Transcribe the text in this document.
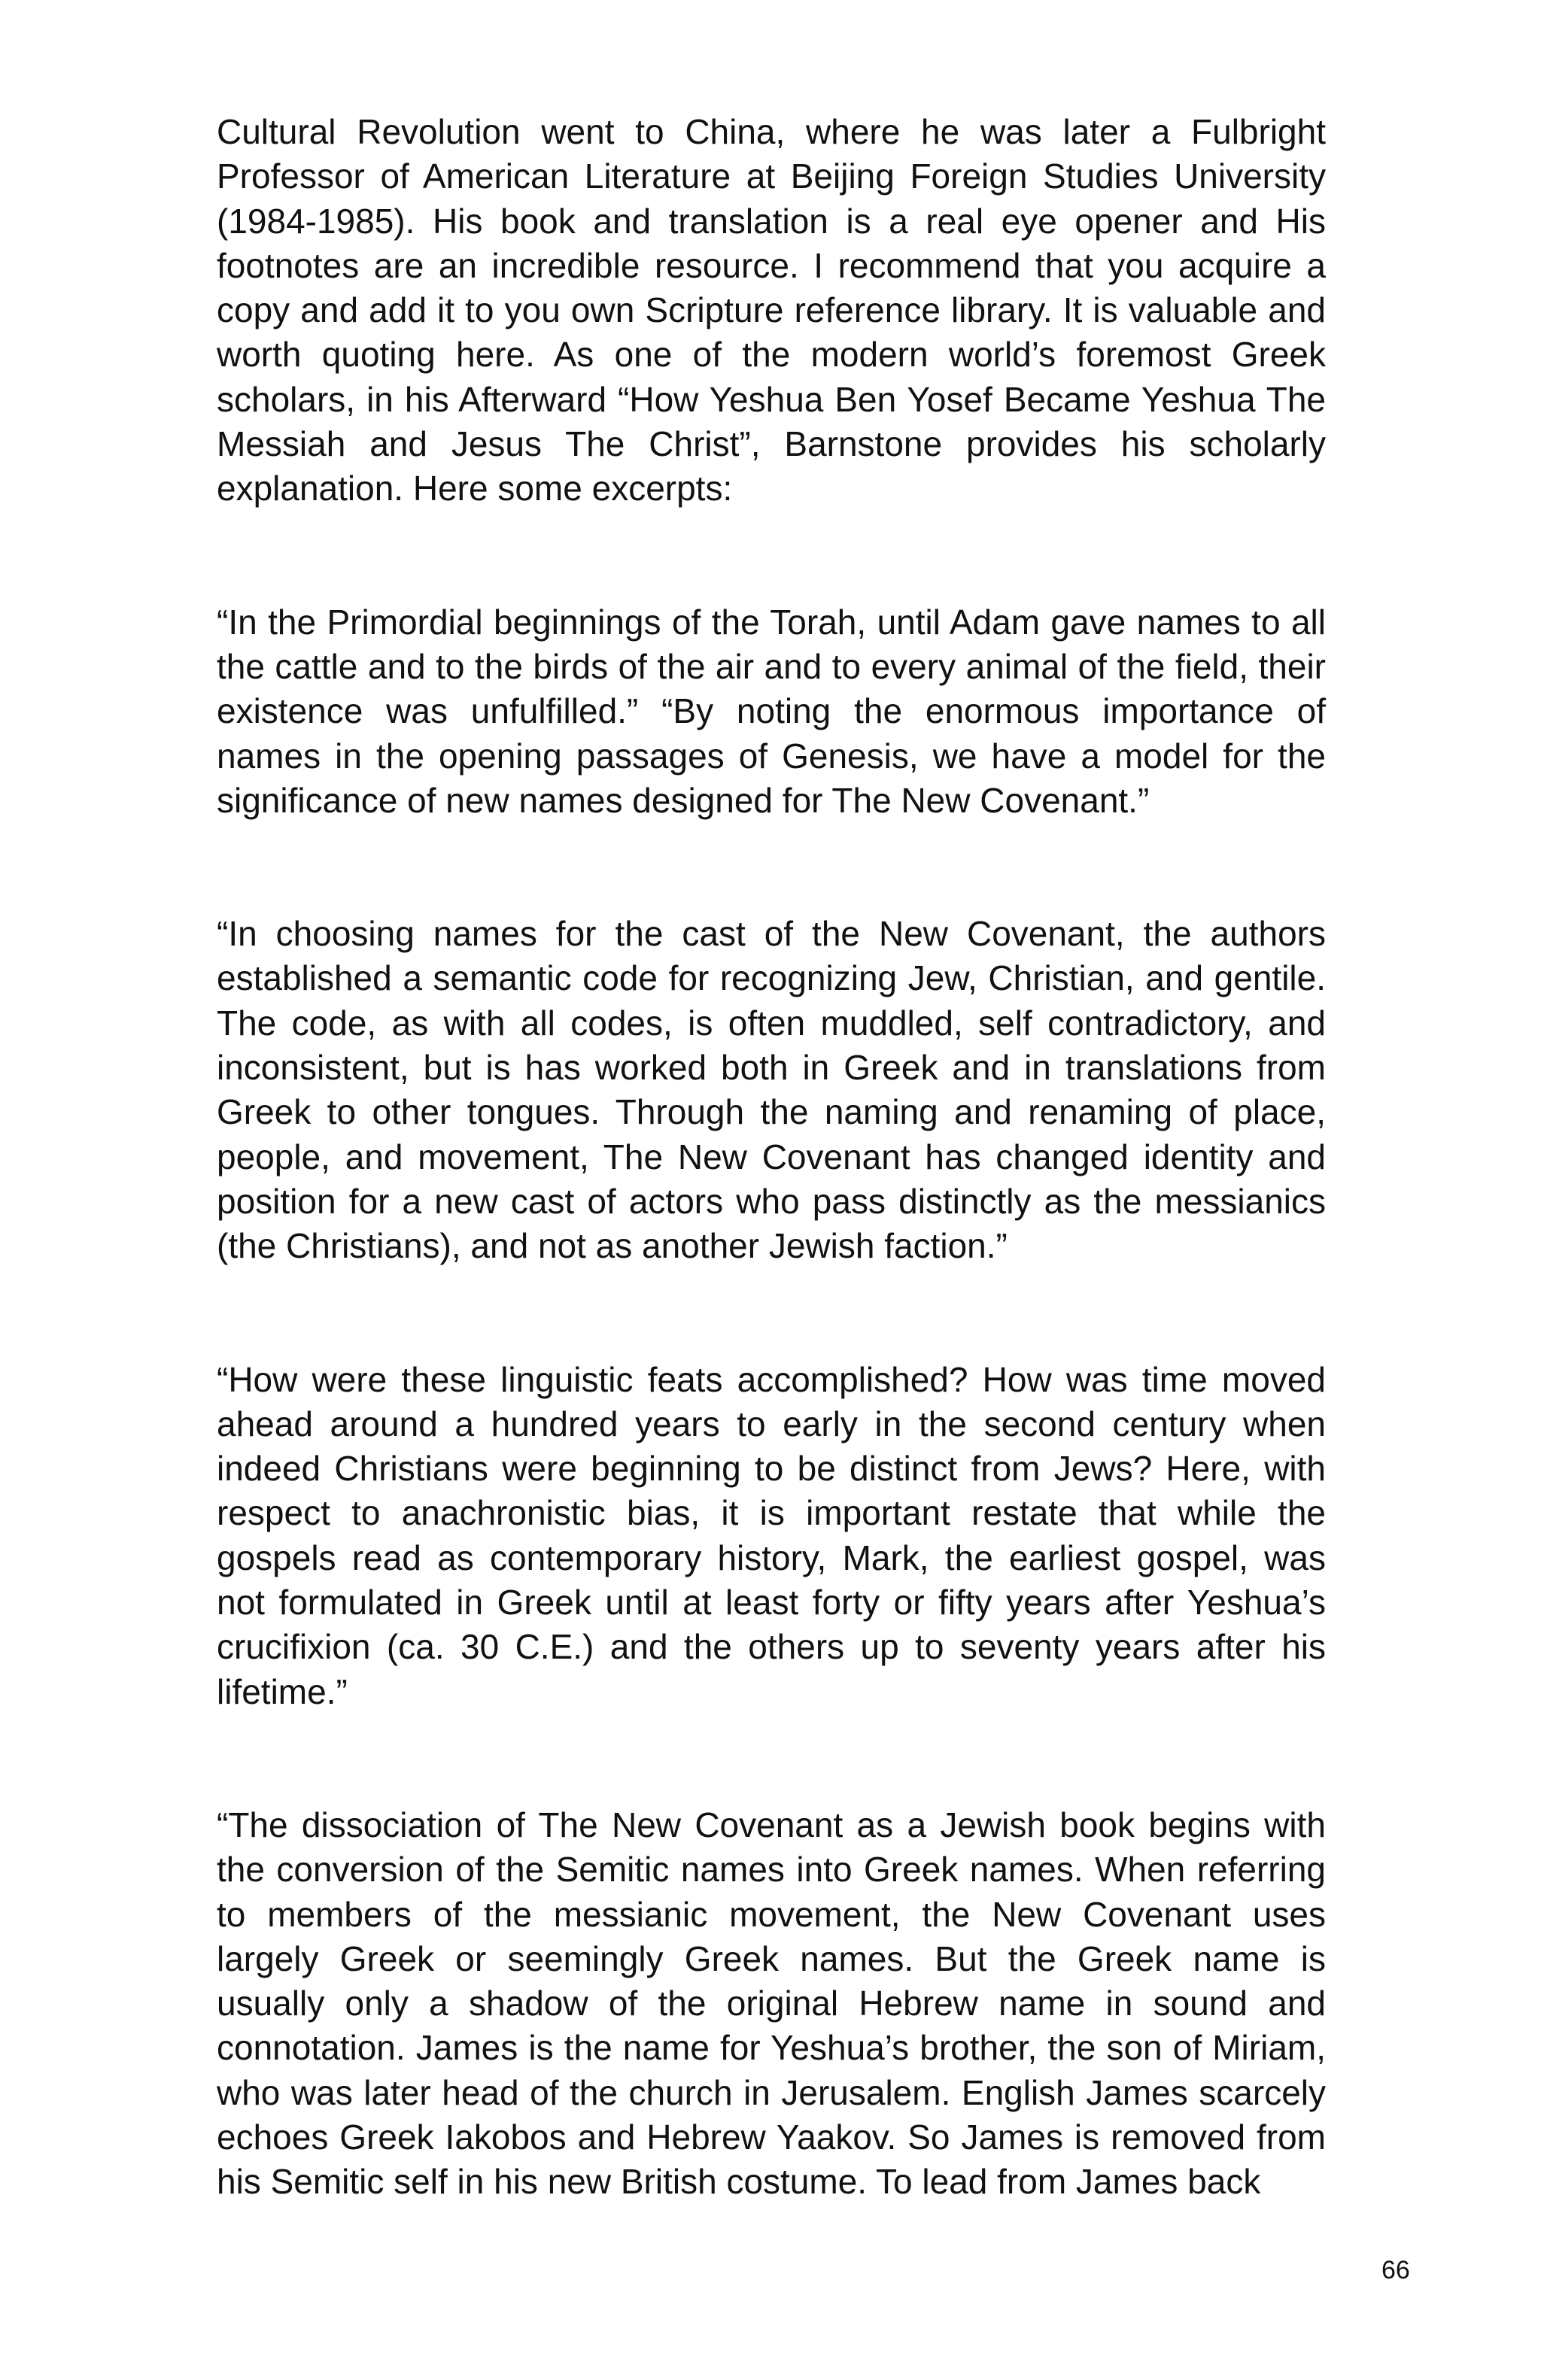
Cultural Revolution went to China, where he was later a Fulbright Professor of American Literature at Beijing Foreign Studies University (1984-1985). His book and translation is a real eye opener and His footnotes are an incredible resource. I recommend that you acquire a copy and add it to you own Scripture reference library. It is valuable and worth quoting here. As one of the modern world’s foremost Greek scholars, in his Afterward “How Yeshua Ben Yosef Became Yeshua The Messiah and Jesus The Christ”, Barnstone provides his scholarly explanation. Here some excerpts:

“In the Primordial beginnings of the Torah, until Adam gave names to all the cattle and to the birds of the air and to every animal of the field, their existence was unfulfilled.” “By noting the enormous importance of names in the opening passages of Genesis, we have a model for the significance of new names designed for The New Covenant.”

“In choosing names for the cast of the New Covenant, the authors established a semantic code for recognizing Jew, Christian, and gentile. The code, as with all codes, is often muddled, self contradictory, and inconsistent, but is has worked both in Greek and in translations from Greek to other tongues. Through the naming and renaming of place, people, and movement, The New Covenant has changed identity and position for a new cast of actors who pass distinctly as the messianics (the Christians), and not as another Jewish faction.”

“How were these linguistic feats accomplished? How was time moved ahead around a hundred years to early in the second century when indeed Christians were beginning to be distinct from Jews? Here, with respect to anachronistic bias, it is important restate that while the gospels read as contemporary history, Mark, the earliest gospel, was not formulated in Greek until at least forty or fifty years after Yeshua’s crucifixion (ca. 30 C.E.) and the others up to seventy years after his lifetime.”

“The dissociation of The New Covenant as a Jewish book begins with the conversion of the Semitic names into Greek names. When referring to members of the messianic movement, the New Covenant uses largely Greek or seemingly Greek names. But the Greek name is usually only a shadow of the original Hebrew name in sound and connotation. James is the name for Yeshua’s brother, the son of Miriam, who was later head of the church in Jerusalem. English James scarcely echoes Greek Iakobos and Hebrew Yaakov. So James is removed from his Semitic self in his new British costume. To lead from James back

66
